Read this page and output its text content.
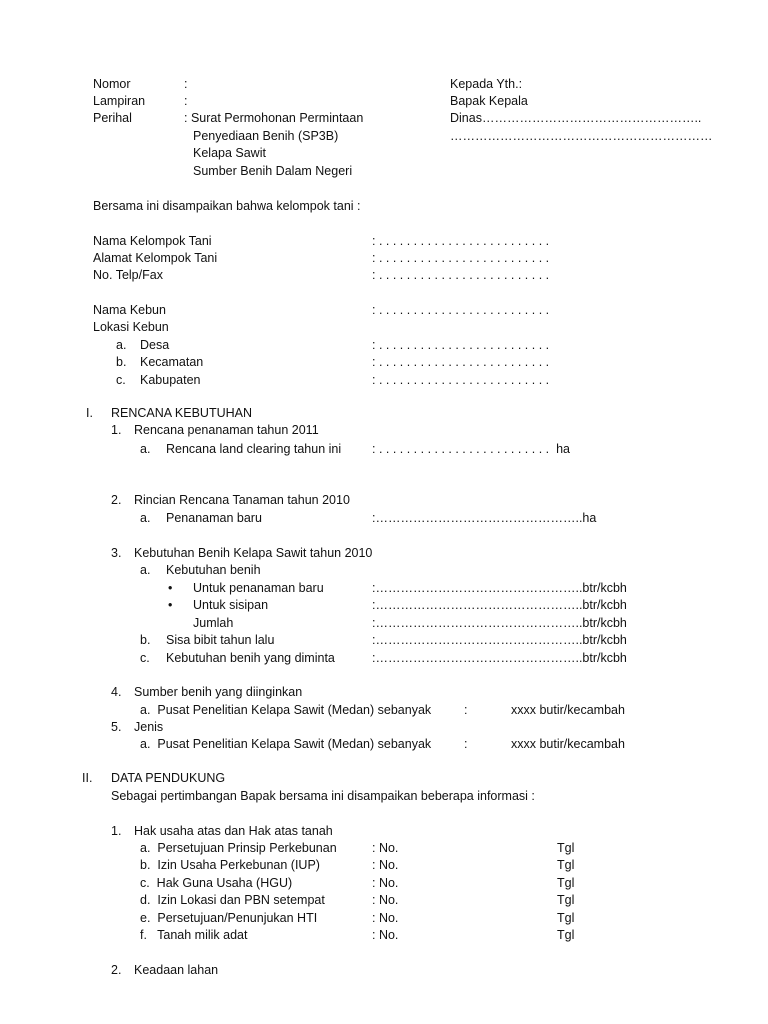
Nomor	:
Lampiran	:
Perihal	: Surat Permohonan Permintaan
Penyediaan Benih (SP3B)
Kelapa Sawit
Sumber Benih Dalam Negeri
Kepada Yth.:
Bapak Kepala
Dinas……………………………………………..
………………………………………………………
Bersama ini disampaikan bahwa kelompok tani :
Nama Kelompok Tani	: . . . . . . . . . . . . . . . . . . . . . . . . .
Alamat Kelompok Tani	: . . . . . . . . . . . . . . . . . . . . . . . . .
No. Telp/Fax	: . . . . . . . . . . . . . . . . . . . . . . . . .
Nama Kebun	: . . . . . . . . . . . . . . . . . . . . . . . . .
Lokasi Kebun
a. Desa	: . . . . . . . . . . . . . . . . . . . . . . . . .
b. Kecamatan	: . . . . . . . . . . . . . . . . . . . . . . . . .
c. Kabupaten	: . . . . . . . . . . . . . . . . . . . . . . . . .
I. RENCANA KEBUTUHAN
1. Rencana penanaman tahun 2011
a. Rencana land clearing tahun ini : . . . . . . . . . . . . . . . . . . . . . . . . .  ha
2. Rincian Rencana Tanaman tahun 2010
a. Penanaman baru	:…………………………………………..ha
3. Kebutuhan Benih Kelapa Sawit tahun 2010
a. Kebutuhan benih
• Untuk penanaman baru	:…………………………………………..btr/kcbh
• Untuk sisipan	:…………………………………………..btr/kcbh
Jumlah	:…………………………………………..btr/kcbh
b. Sisa bibit tahun lalu	:…………………………………………..btr/kcbh
c. Kebutuhan benih yang diminta	:…………………………………………..btr/kcbh
4. Sumber benih yang diinginkan
a.  Pusat Penelitian Kelapa Sawit (Medan) sebanyak	:	xxxx butir/kecambah
5. Jenis
a.  Pusat Penelitian Kelapa Sawit (Medan) sebanyak	:	xxxx butir/kecambah
II. DATA PENDUKUNG
Sebagai pertimbangan Bapak bersama ini disampaikan beberapa informasi :
1. Hak usaha atas dan Hak atas tanah
a.  Persetujuan Prinsip Perkebunan	: No.	Tgl
b.  Izin Usaha Perkebunan (IUP)	: No.	Tgl
c.  Hak Guna Usaha (HGU)	: No.	Tgl
d.  Izin Lokasi dan PBN setempat	: No.	Tgl
e.  Persetujuan/Penunjukan HTI	: No.	Tgl
f.   Tanah milik adat	: No.	Tgl
2. Keadaan lahan
